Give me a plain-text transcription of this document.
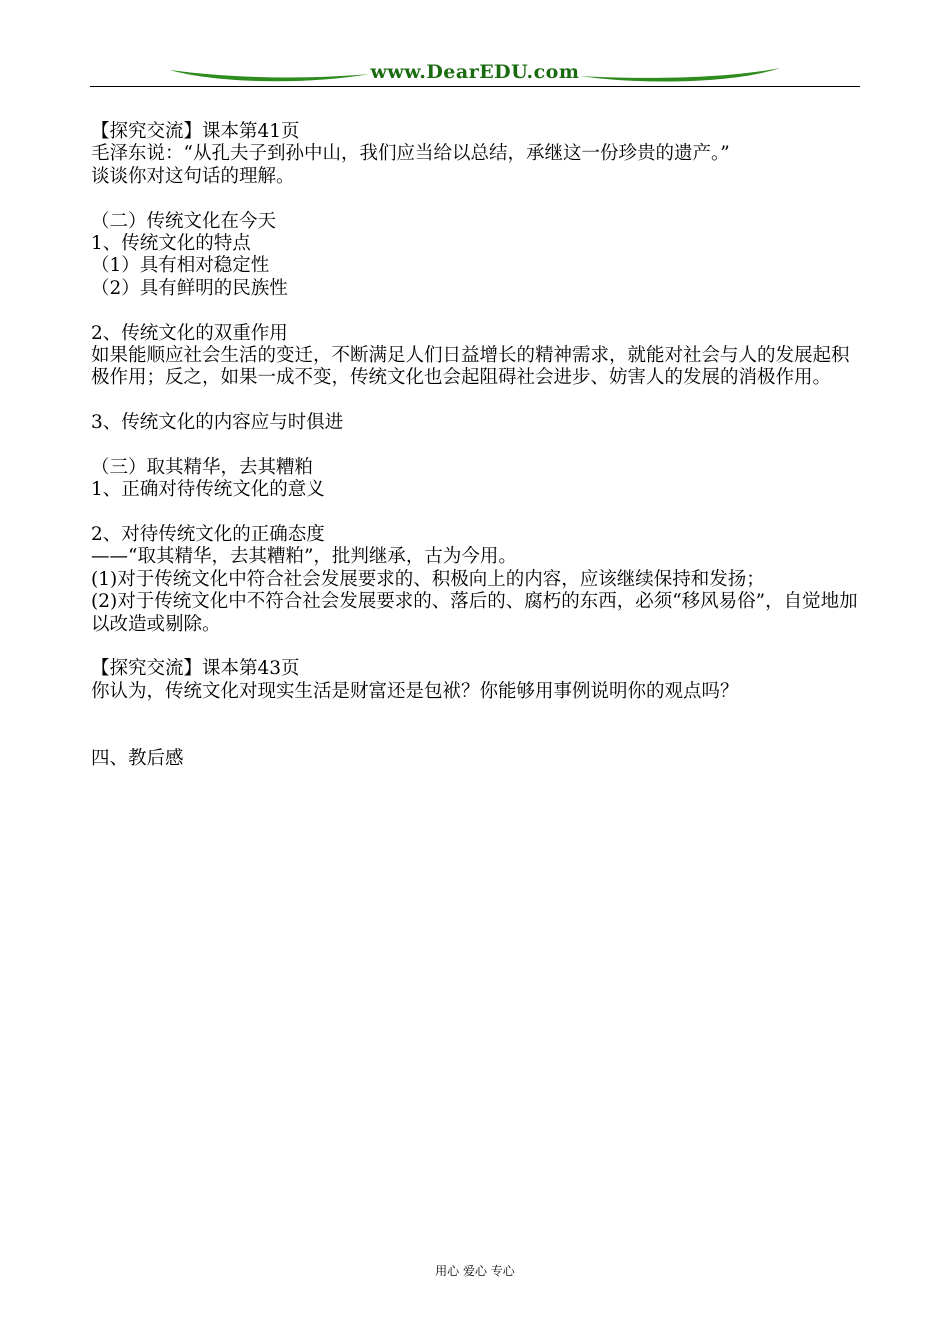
www.DearEDU.com
【探究交流】课本第41页
毛泽东说：“从孔夫子到孙中山，我们应当给以总结，承继这一份珍贵的遗产。”
谈谈你对这句话的理解。
（二）传统文化在今天
1、传统文化的特点
（1）具有相对稳定性
（2）具有鲜明的民族性
2、传统文化的双重作用
如果能顺应社会生活的变迁，不断满足人们日益增长的精神需求，就能对社会与人的发展起积极作用；反之，如果一成不变，传统文化也会起阻碍社会进步、妨害人的发展的消极作用。
3、传统文化的内容应与时俱进
（三）取其精华，去其糟粕
1、正确对待传统文化的意义
2、对待传统文化的正确态度
——“取其精华，去其糟粕”，批判继承，古为今用。
(1)对于传统文化中符合社会发展要求的、积极向上的内容，应该继续保持和发扬；
(2)对于传统文化中不符合社会发展要求的、落后的、腐朽的东西，必须“移风易俗”，自觉地加以改造或剔除。
【探究交流】课本第43页
你认为，传统文化对现实生活是财富还是包袱？你能够用事例说明你的观点吗？
四、教后感
用心 爱心 专心
